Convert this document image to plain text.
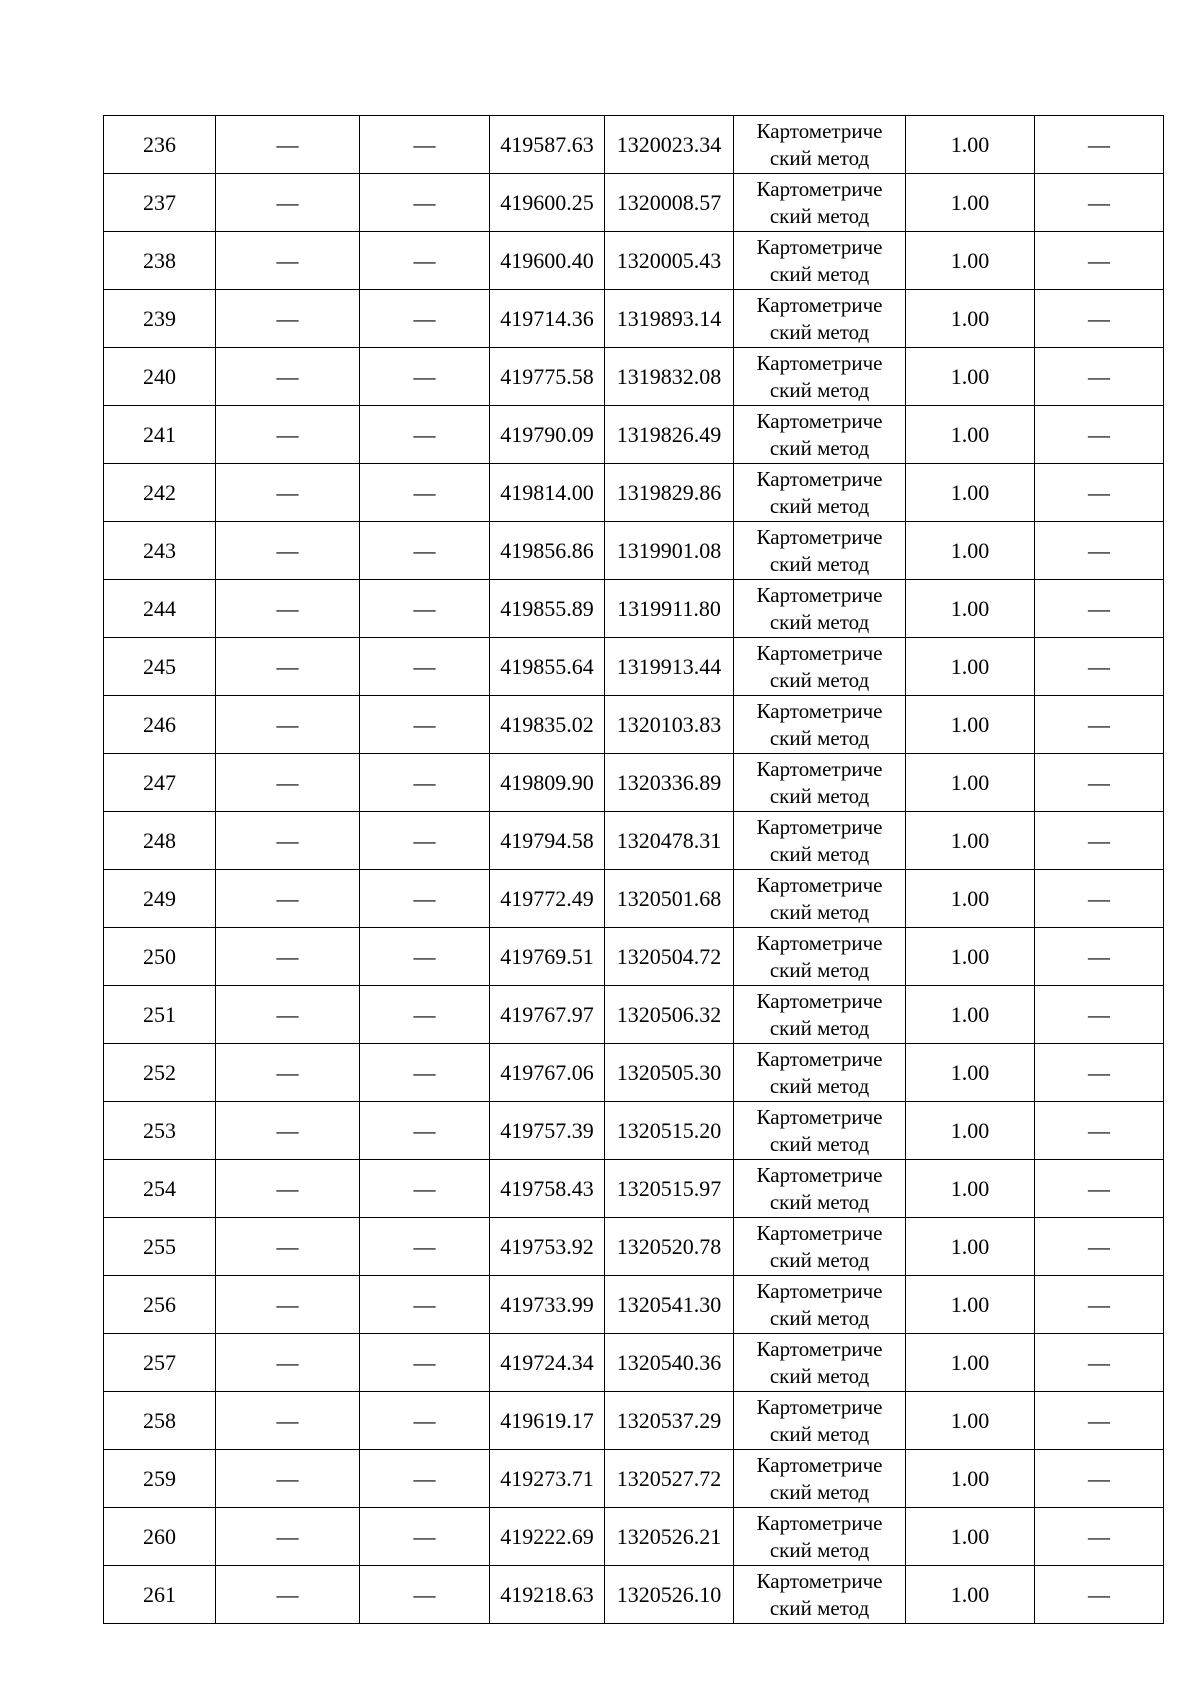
236	—	—	419587.63	1320023.34	Картометриче
ский метод	1.00	—
237	—	—	419600.25	1320008.57	Картометриче
ский метод	1.00	—
238	—	—	419600.40	1320005.43	Картометриче
ский метод	1.00	—
239	—	—	419714.36	1319893.14	Картометриче
ский метод	1.00	—
240	—	—	419775.58	1319832.08	Картометриче
ский метод	1.00	—
241	—	—	419790.09	1319826.49	Картометриче
ский метод	1.00	—
242	—	—	419814.00	1319829.86	Картометриче
ский метод	1.00	—
243	—	—	419856.86	1319901.08	Картометриче
ский метод	1.00	—
244	—	—	419855.89	1319911.80	Картометриче
ский метод	1.00	—
245	—	—	419855.64	1319913.44	Картометриче
ский метод	1.00	—
246	—	—	419835.02	1320103.83	Картометриче
ский метод	1.00	—
247	—	—	419809.90	1320336.89	Картометриче
ский метод	1.00	—
248	—	—	419794.58	1320478.31	Картометриче
ский метод	1.00	—
249	—	—	419772.49	1320501.68	Картометриче
ский метод	1.00	—
250	—	—	419769.51	1320504.72	Картометриче
ский метод	1.00	—
251	—	—	419767.97	1320506.32	Картометриче
ский метод	1.00	—
252	—	—	419767.06	1320505.30	Картометриче
ский метод	1.00	—
253	—	—	419757.39	1320515.20	Картометриче
ский метод	1.00	—
254	—	—	419758.43	1320515.97	Картометриче
ский метод	1.00	—
255	—	—	419753.92	1320520.78	Картометриче
ский метод	1.00	—
256	—	—	419733.99	1320541.30	Картометриче
ский метод	1.00	—
257	—	—	419724.34	1320540.36	Картометриче
ский метод	1.00	—
258	—	—	419619.17	1320537.29	Картометриче
ский метод	1.00	—
259	—	—	419273.71	1320527.72	Картометриче
ский метод	1.00	—
260	—	—	419222.69	1320526.21	Картометриче
ский метод	1.00	—
261	—	—	419218.63	1320526.10	Картометриче
ский метод	1.00	—
